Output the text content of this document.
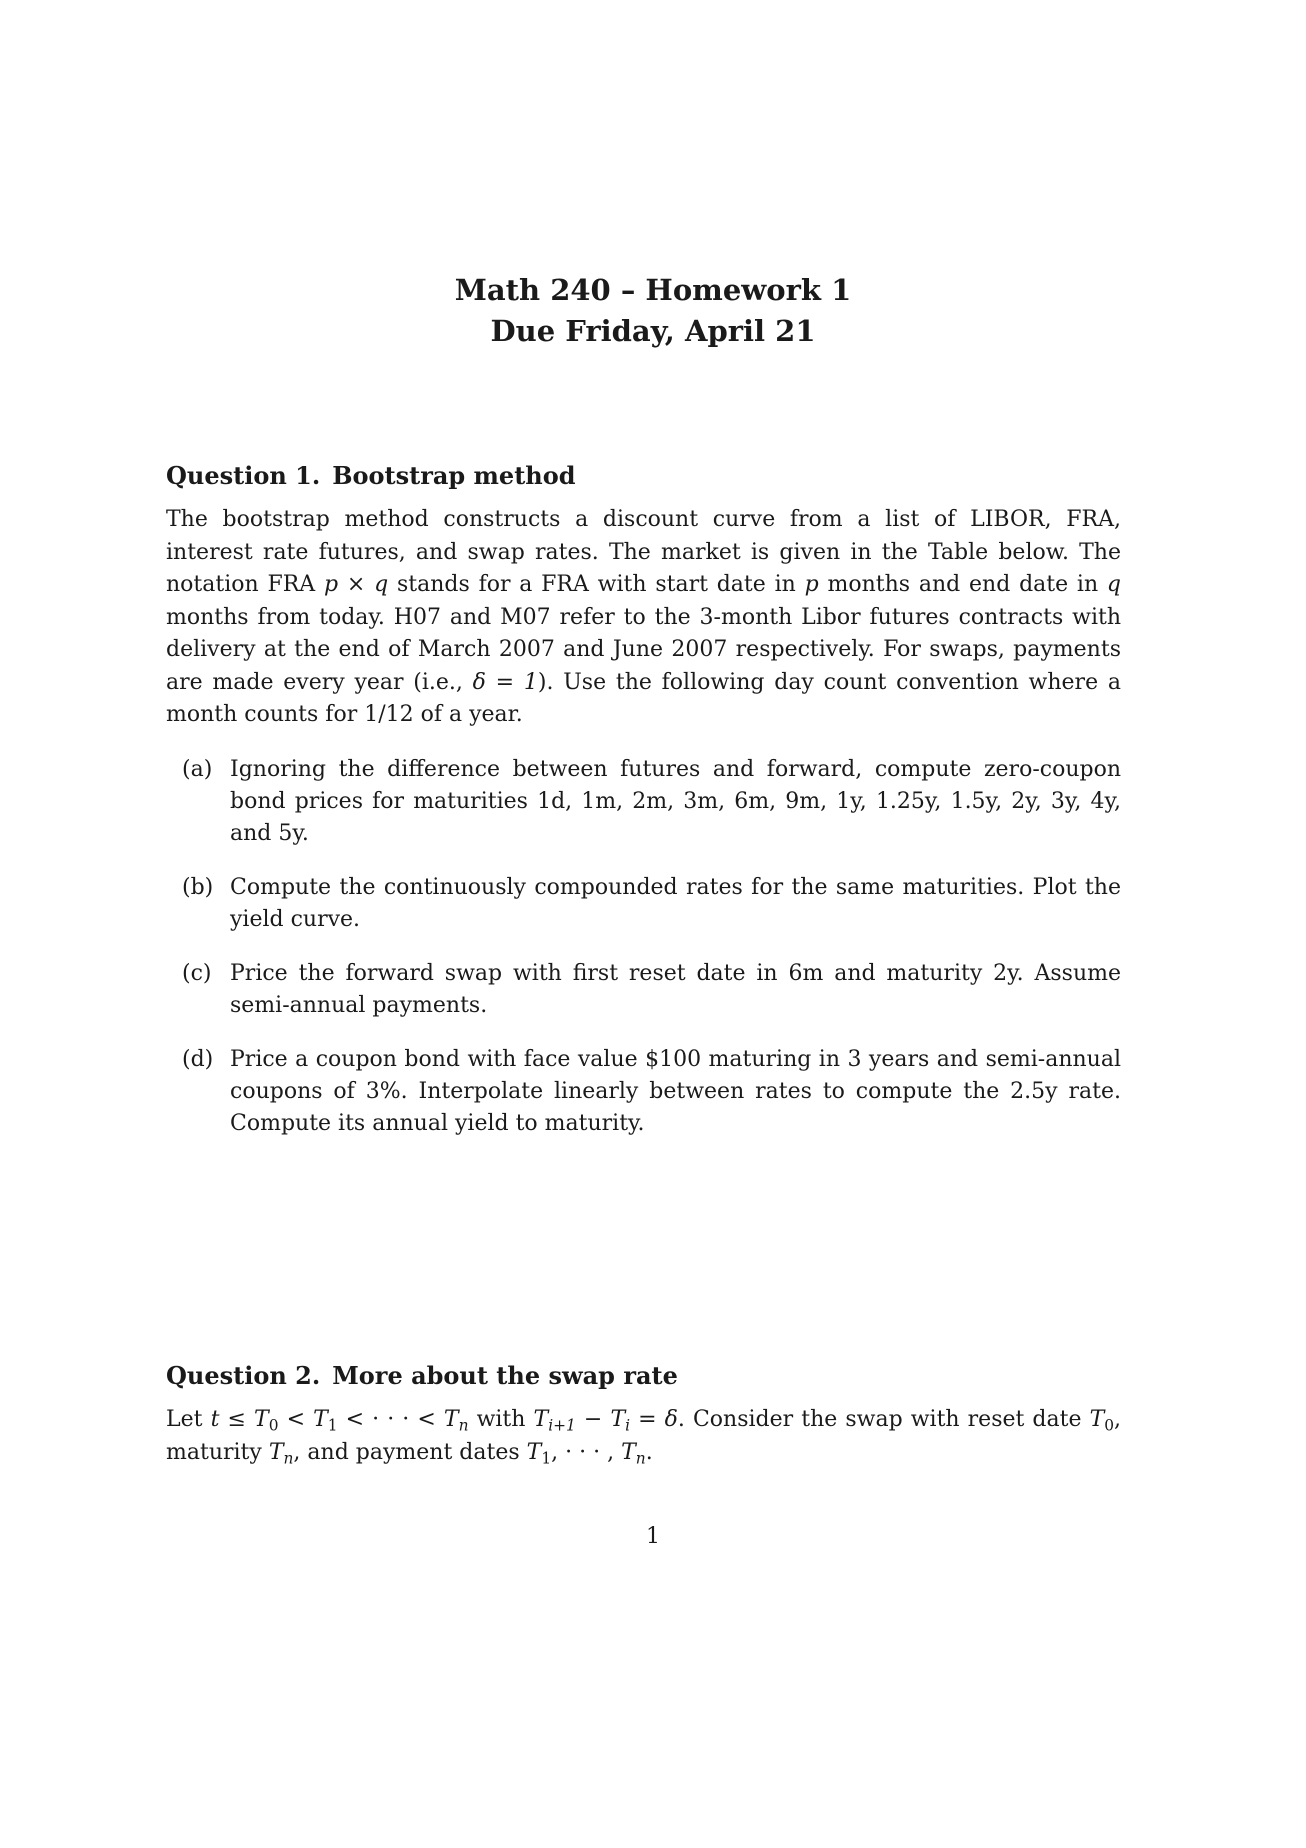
Math 240 – Homework 1
Due Friday, April 21
Question 1. Bootstrap method

The bootstrap method constructs a discount curve from a list of LIBOR, FRA, interest rate futures, and swap rates. The market is given in the Table below. The notation FRA p × q stands for a FRA with start date in p months and end date in q months from today. H07 and M07 refer to the 3-month Libor futures contracts with delivery at the end of March 2007 and June 2007 respectively. For swaps, payments are made every year (i.e., δ = 1). Use the following day count convention where a month counts for 1/12 of a year.

(a) Ignoring the difference between futures and forward, compute zero-coupon bond prices for maturities 1d, 1m, 2m, 3m, 6m, 9m, 1y, 1.25y, 1.5y, 2y, 3y, 4y, and 5y.
(b) Compute the continuously compounded rates for the same maturities. Plot the yield curve.
(c) Price the forward swap with first reset date in 6m and maturity 2y. Assume semi-annual payments.
(d) Price a coupon bond with face value $100 maturing in 3 years and semi-annual coupons of 3%. Interpolate linearly between rates to compute the 2.5y rate. Compute its annual yield to maturity.
Question 2. More about the swap rate

Let $t \le T_0 < T_1$ < · · · < $T_n$ with $T_{i+1} - T_i = \delta$. Consider the swap with reset date $T_0$, maturity $T_n$, and payment dates $T_1$, · · · , $T_n$.

1
